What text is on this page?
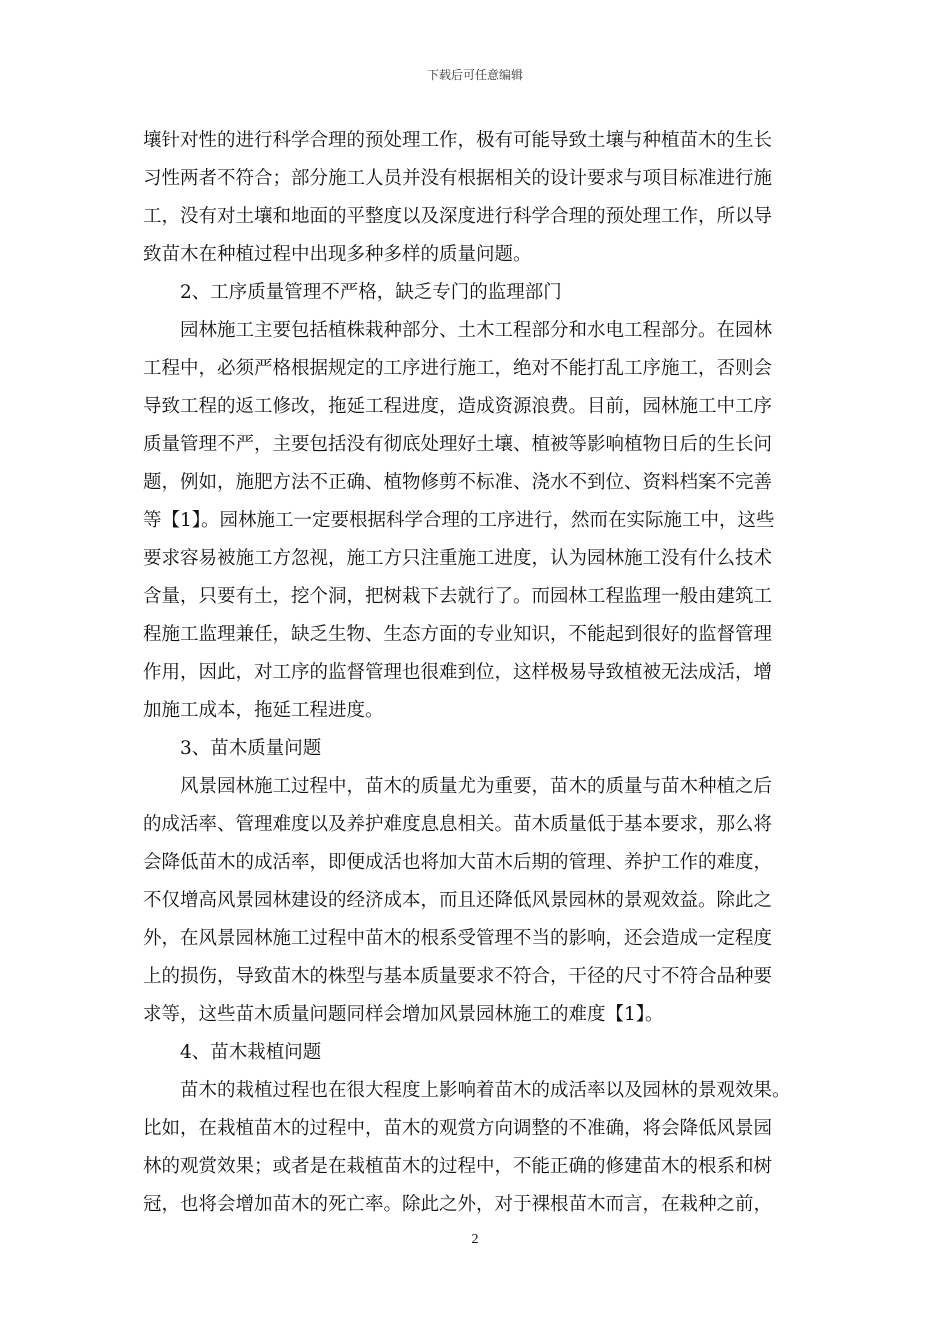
下载后可任意编辑
壤针对性的进行科学合理的预处理工作，极有可能导致土壤与种植苗木的生长
习性两者不符合；部分施工人员并没有根据相关的设计要求与项目标准进行施
工，没有对土壤和地面的平整度以及深度进行科学合理的预处理工作，所以导
致苗木在种植过程中出现多种多样的质量问题。
2、工序质量管理不严格，缺乏专门的监理部门
园林施工主要包括植株栽种部分、土木工程部分和水电工程部分。在园林
工程中，必须严格根据规定的工序进行施工，绝对不能打乱工序施工，否则会
导致工程的返工修改，拖延工程进度，造成资源浪费。目前，园林施工中工序
质量管理不严，主要包括没有彻底处理好土壤、植被等影响植物日后的生长问
题，例如，施肥方法不正确、植物修剪不标准、浇水不到位、资料档案不完善
等【1】。园林施工一定要根据科学合理的工序进行，然而在实际施工中，这些
要求容易被施工方忽视，施工方只注重施工进度，认为园林施工没有什么技术
含量，只要有土，挖个洞，把树栽下去就行了。而园林工程监理一般由建筑工
程施工监理兼任，缺乏生物、生态方面的专业知识，不能起到很好的监督管理
作用，因此，对工序的监督管理也很难到位，这样极易导致植被无法成活，增
加施工成本，拖延工程进度。
3、苗木质量问题
风景园林施工过程中，苗木的质量尤为重要，苗木的质量与苗木种植之后
的成活率、管理难度以及养护难度息息相关。苗木质量低于基本要求，那么将
会降低苗木的成活率，即便成活也将加大苗木后期的管理、养护工作的难度，
不仅增高风景园林建设的经济成本，而且还降低风景园林的景观效益。除此之
外，在风景园林施工过程中苗木的根系受管理不当的影响，还会造成一定程度
上的损伤，导致苗木的株型与基本质量要求不符合，干径的尺寸不符合品种要
求等，这些苗木质量问题同样会增加风景园林施工的难度【1】。
4、苗木栽植问题
苗木的栽植过程也在很大程度上影响着苗木的成活率以及园林的景观效果。
比如，在栽植苗木的过程中，苗木的观赏方向调整的不准确，将会降低风景园
林的观赏效果；或者是在栽植苗木的过程中，不能正确的修建苗木的根系和树
冠，也将会增加苗木的死亡率。除此之外，对于裸根苗木而言，在栽种之前，
2
